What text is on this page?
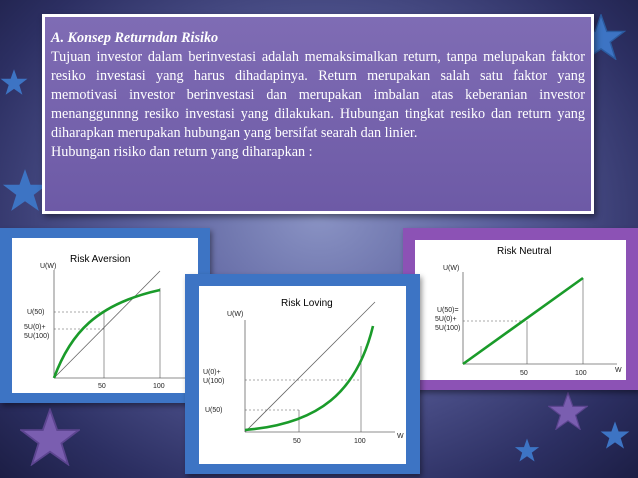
A. Konsep Returndan Risiko

Tujuan investor dalam berinvestasi adalah memaksimalkan return, tanpa melupakan faktor resiko investasi yang harus dihadapinya. Return merupakan salah satu faktor yang memotivasi investor berinvestasi dan merupakan imbalan atas keberanian investor menanggunnng resiko investasi yang dilakukan. Hubungan tingkat resiko dan return yang diharapkan merupakan hubungan yang bersifat searah dan linier.

Hubungan risiko dan return yang diharapkan :
Risk Aversion
U(W)
U(50)
5U(0)+
5U(100)
50	100
Risk Neutral
U(W)
W
U(50)=
5U(0)+
5U(100)
50	100
Risk Loving
U(W)
W
U(0)+
U(100)
U(50)
50	100
